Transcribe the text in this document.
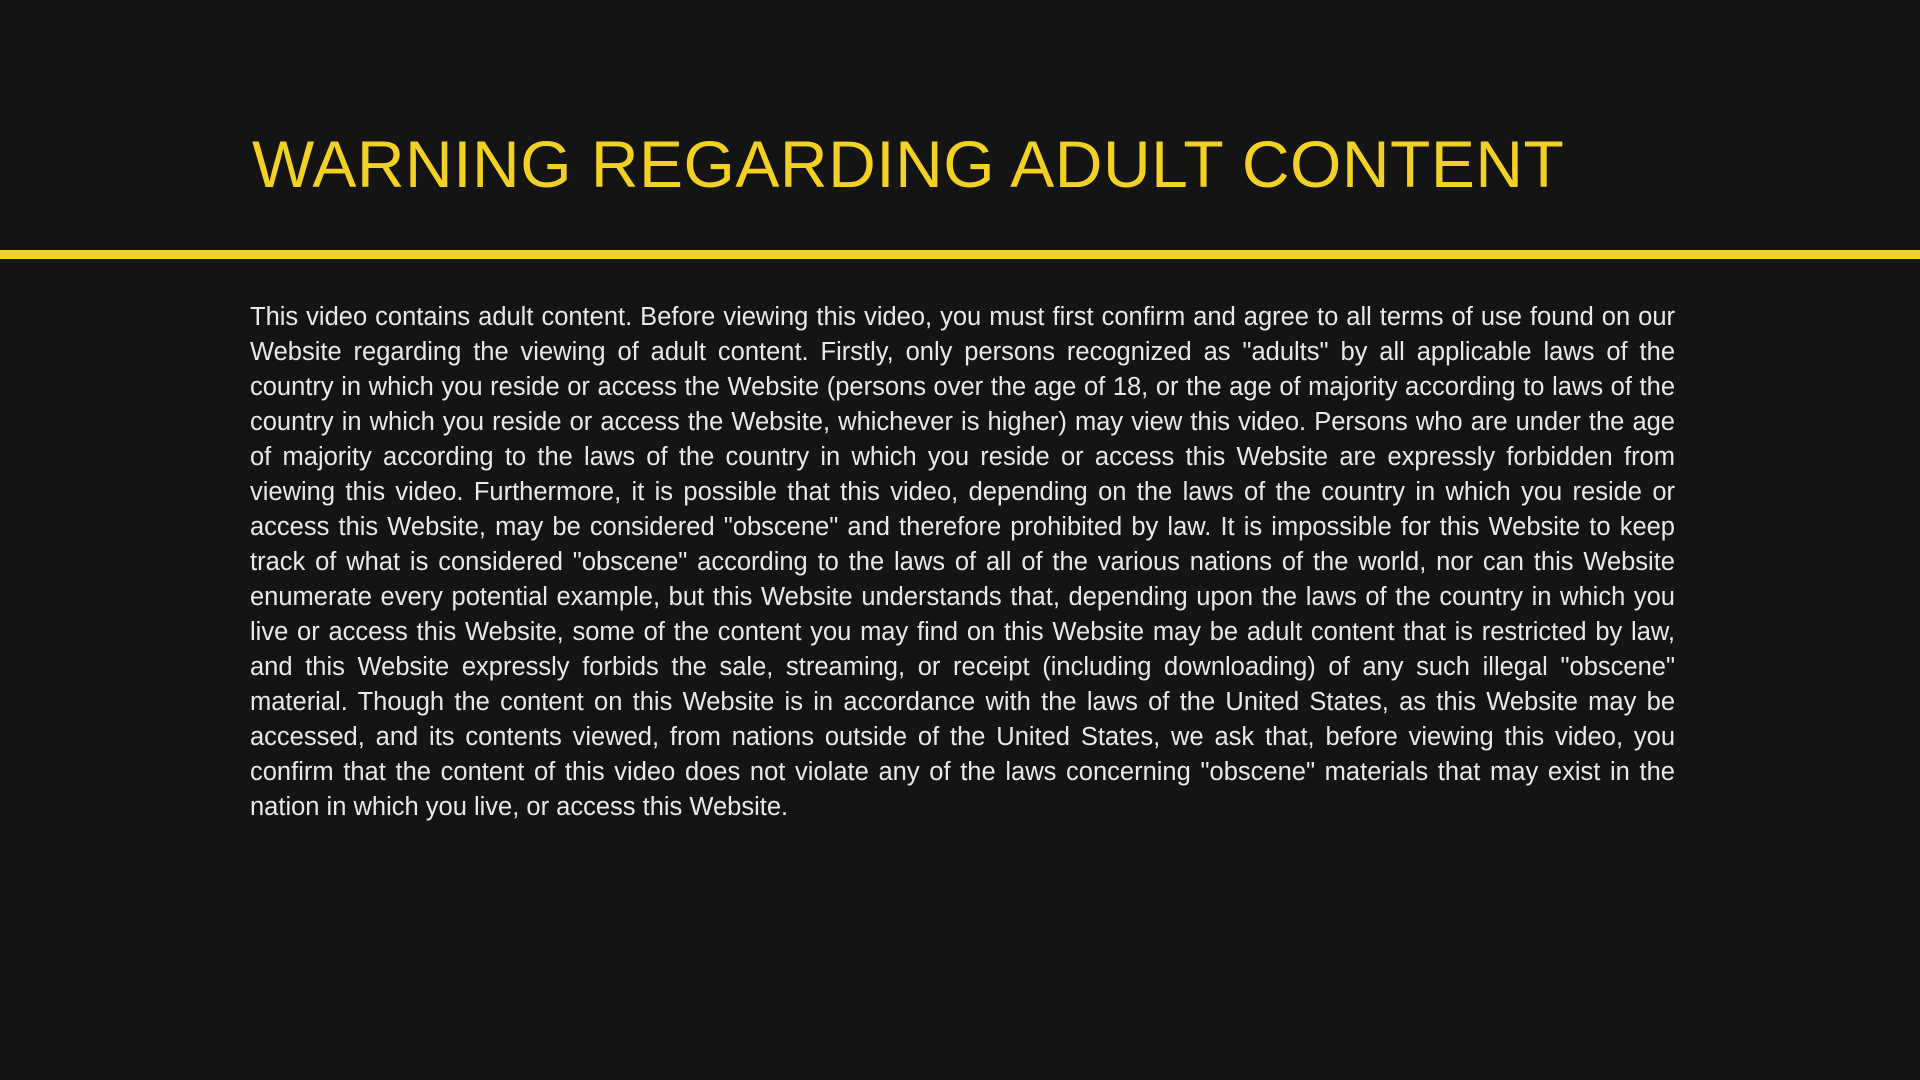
WARNING REGARDING ADULT CONTENT

This video contains adult content. Before viewing this video, you must first confirm and agree to all terms of use found on our Website regarding the viewing of adult content. Firstly, only persons recognized as "adults" by all applicable laws of the country in which you reside or access the Website (persons over the age of 18, or the age of majority according to laws of the country in which you reside or access the Website, whichever is higher) may view this video. Persons who are under the age of majority according to the laws of the country in which you reside or access this Website are expressly forbidden from viewing this video. Furthermore, it is possible that this video, depending on the laws of the country in which you reside or access this Website, may be considered "obscene" and therefore prohibited by law. It is impossible for this Website to keep track of what is considered "obscene" according to the laws of all of the various nations of the world, nor can this Website enumerate every potential example, but this Website understands that, depending upon the laws of the country in which you live or access this Website, some of the content you may find on this Website may be adult content that is restricted by law, and this Website expressly forbids the sale, streaming, or receipt (including downloading) of any such illegal "obscene" material. Though the content on this Website is in accordance with the laws of the United States, as this Website may be accessed, and its contents viewed, from nations outside of the United States, we ask that, before viewing this video, you confirm that the content of this video does not violate any of the laws concerning "obscene" materials that may exist in the nation in which you live, or access this Website.
